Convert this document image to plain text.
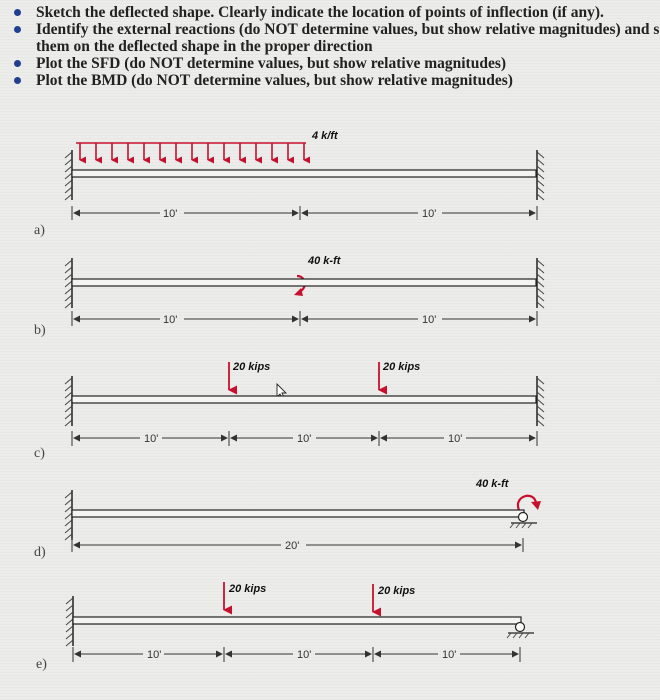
Sketch the deflected shape. Clearly indicate the location of points of inflection (if any).
Identify the external reactions (do NOT determine values, but show relative magnitudes) and s
them on the deflected shape in the proper direction
Plot the SFD (do NOT determine values, but show relative magnitudes)
Plot the BMD (do NOT determine values, but show relative magnitudes)
4 k/ft
10'	10'
a)
40 k-ft
10'	10'
b)
20 kips	20 kips
10'	10'	10'
c)
40 k-ft
20'
d)
20 kips	20 kips
10'	10'	10'
e)
